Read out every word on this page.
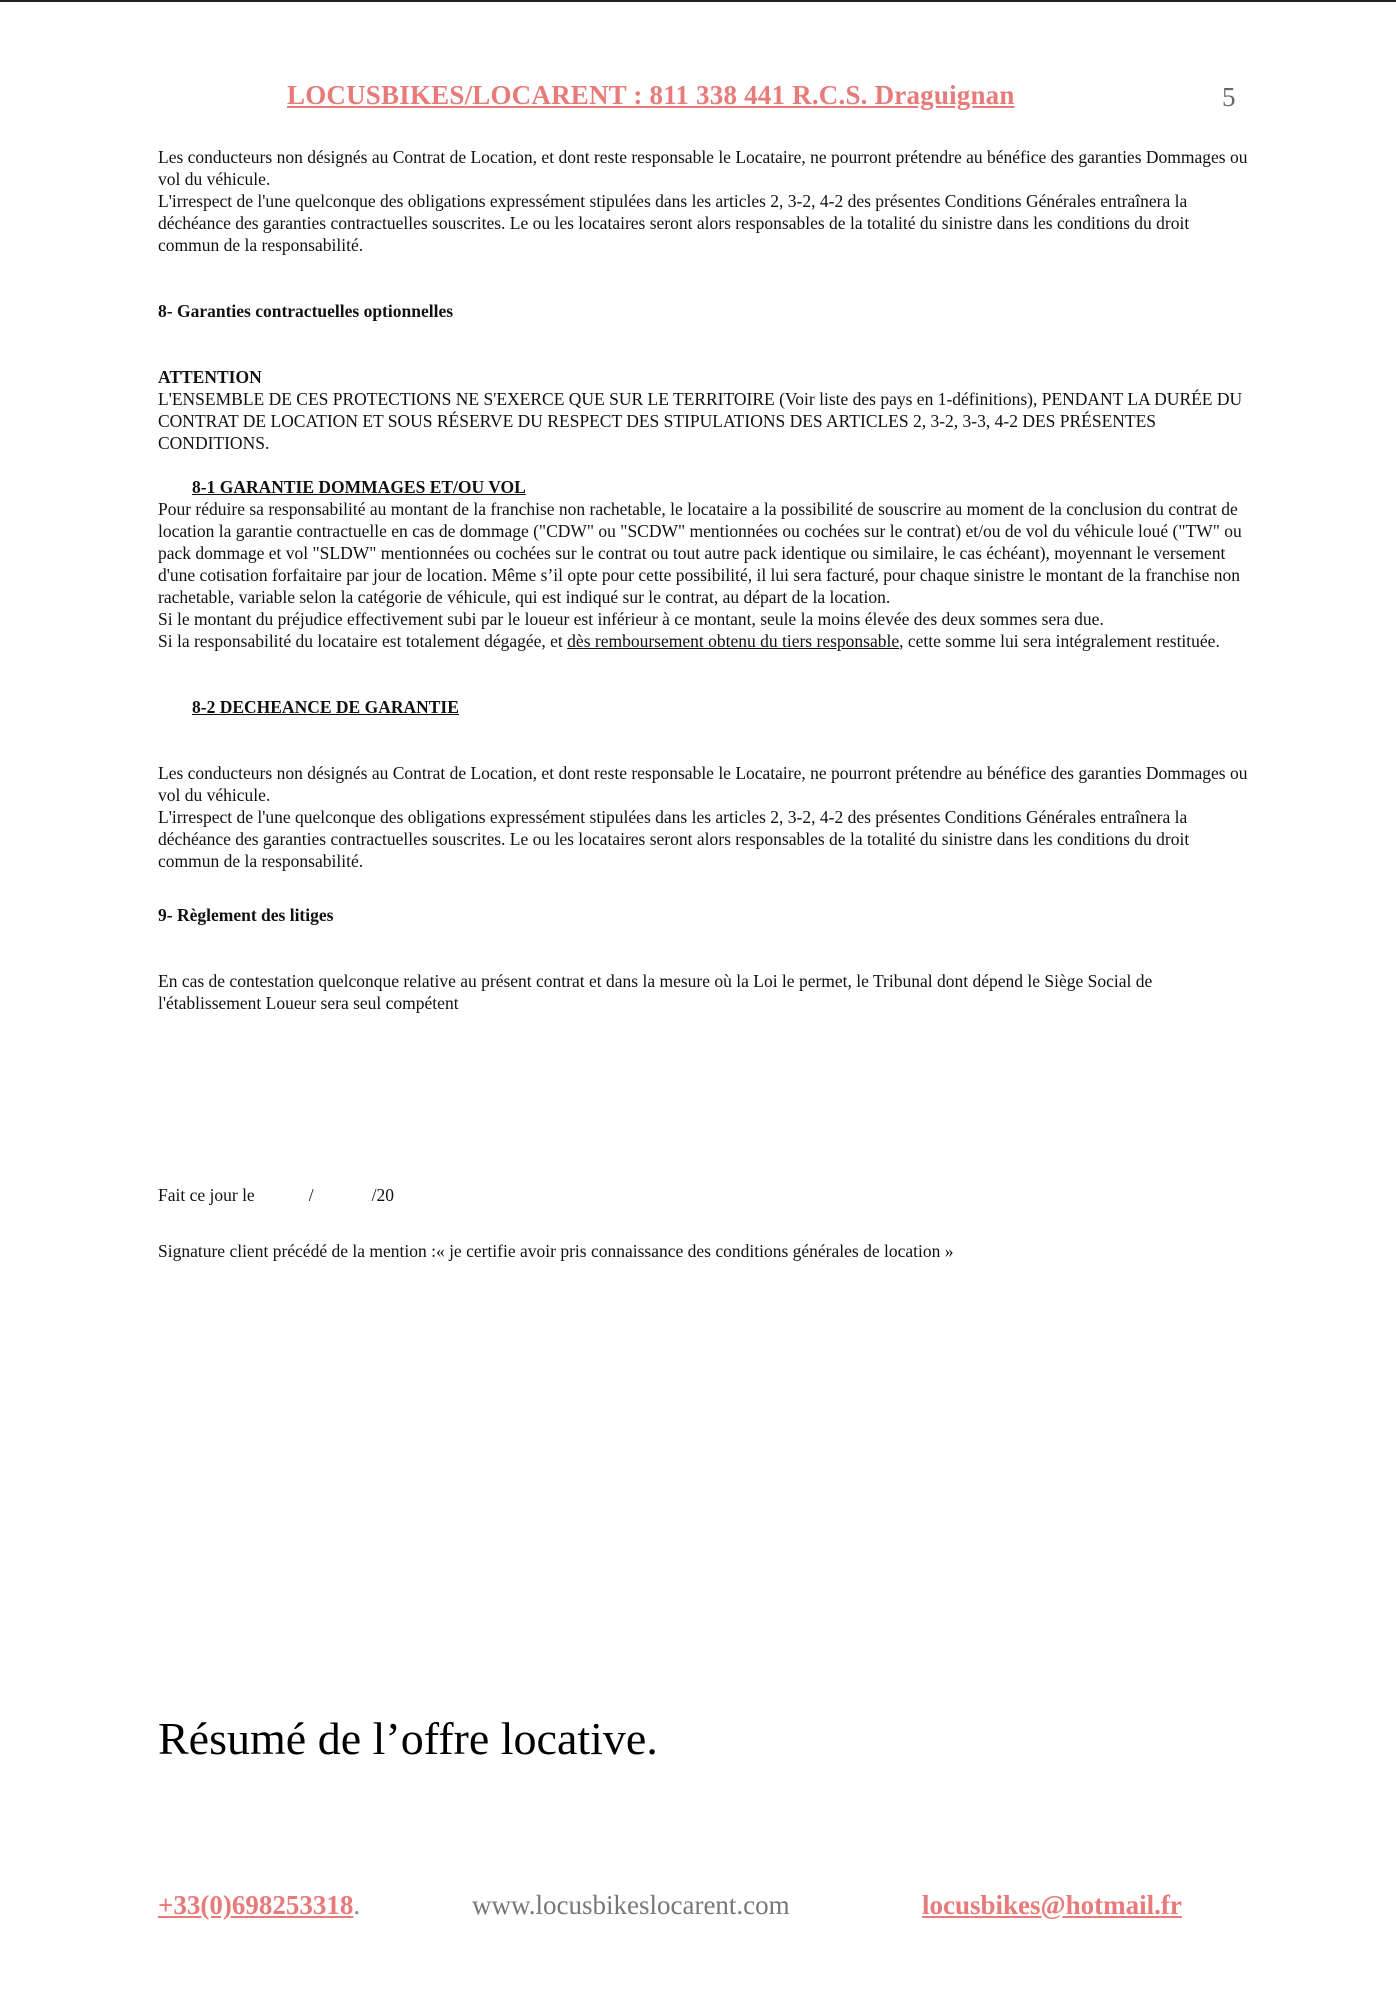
LOCUSBIKES/LOCARENT : 811 338 441 R.C.S. Draguignan	5

Les conducteurs non désignés au Contrat de Location, et dont reste responsable le Locataire, ne pourront prétendre au bénéfice des garanties Dommages ou vol du véhicule.

L'irrespect de l'une quelconque des obligations expressément stipulées dans les articles 2, 3-2, 4-2 des présentes Conditions Générales entraînera la déchéance des garanties contractuelles souscrites. Le ou les locataires seront alors responsables de la totalité du sinistre dans les conditions du droit commun de la responsabilité.

8- Garanties contractuelles optionnelles

ATTENTION

L'ENSEMBLE DE CES PROTECTIONS NE S'EXERCE QUE SUR LE TERRITOIRE (Voir liste des pays en 1-définitions), PENDANT LA DURÉE DU CONTRAT DE LOCATION ET SOUS RÉSERVE DU RESPECT DES STIPULATIONS DES ARTICLES 2, 3-2, 3-3, 4-2 DES PRÉSENTES CONDITIONS.

8-1 GARANTIE DOMMAGES ET/OU VOL

Pour réduire sa responsabilité au montant de la franchise non rachetable, le locataire a la possibilité de souscrire au moment de la conclusion du contrat de location la garantie contractuelle en cas de dommage ("CDW" ou "SCDW" mentionnées ou cochées sur le contrat) et/ou de vol du véhicule loué ("TW" ou pack dommage et vol "SLDW" mentionnées ou cochées sur le contrat ou tout autre pack identique ou similaire, le cas échéant), moyennant le versement d'une cotisation forfaitaire par jour de location. Même s’il opte pour cette possibilité, il lui sera facturé, pour chaque sinistre le montant de la franchise non rachetable, variable selon la catégorie de véhicule, qui est indiqué sur le contrat, au départ de la location.

Si le montant du préjudice effectivement subi par le loueur est inférieur à ce montant, seule la moins élevée des deux sommes sera due.

Si la responsabilité du locataire est totalement dégagée, et dès remboursement obtenu du tiers responsable, cette somme lui sera intégralement restituée.

8-2 DECHEANCE DE GARANTIE

Les conducteurs non désignés au Contrat de Location, et dont reste responsable le Locataire, ne pourront prétendre au bénéfice des garanties Dommages ou vol du véhicule.

L'irrespect de l'une quelconque des obligations expressément stipulées dans les articles 2, 3-2, 4-2 des présentes Conditions Générales entraînera la déchéance des garanties contractuelles souscrites. Le ou les locataires seront alors responsables de la totalité du sinistre dans les conditions du droit commun de la responsabilité.

9- Règlement des litiges

En cas de contestation quelconque relative au présent contrat et dans la mesure où la Loi le permet, le Tribunal dont dépend le Siège Social de l'établissement Loueur sera seul compétent

Fait ce jour le	/	/20
Signature client précédé de la mention :« je certifie avoir pris connaissance des conditions générales de location »
Résumé de l’offre locative.
+33(0)698253318.	www.locusbikeslocarent.com	locusbikes@hotmail.fr
